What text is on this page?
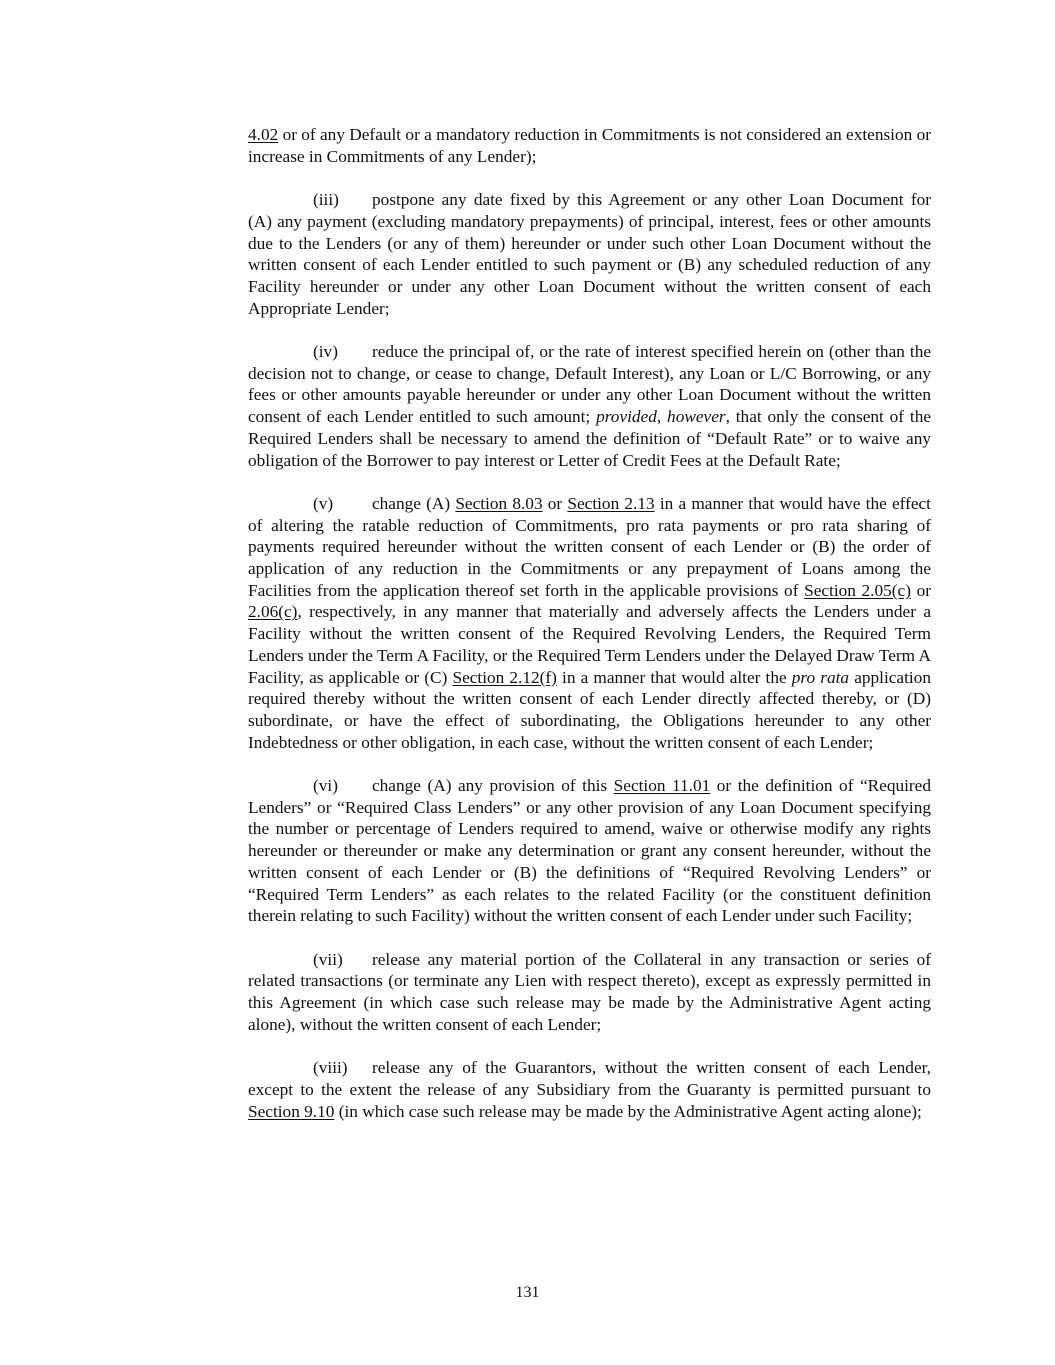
4.02 or of any Default or a mandatory reduction in Commitments is not considered an extension or increase in Commitments of any Lender);

(iii) postpone any date fixed by this Agreement or any other Loan Document for (A) any payment (excluding mandatory prepayments) of principal, interest, fees or other amounts due to the Lenders (or any of them) hereunder or under such other Loan Document without the written consent of each Lender entitled to such payment or (B) any scheduled reduction of any Facility hereunder or under any other Loan Document without the written consent of each Appropriate Lender;

(iv) reduce the principal of, or the rate of interest specified herein on (other than the decision not to change, or cease to change, Default Interest), any Loan or L/C Borrowing, or any fees or other amounts payable hereunder or under any other Loan Document without the written consent of each Lender entitled to such amount; provided, however, that only the consent of the Required Lenders shall be necessary to amend the definition of “Default Rate” or to waive any obligation of the Borrower to pay interest or Letter of Credit Fees at the Default Rate;

(v) change (A) Section 8.03 or Section 2.13 in a manner that would have the effect of altering the ratable reduction of Commitments, pro rata payments or pro rata sharing of payments required hereunder without the written consent of each Lender or (B) the order of application of any reduction in the Commitments or any prepayment of Loans among the Facilities from the application thereof set forth in the applicable provisions of Section 2.05(c) or 2.06(c), respectively, in any manner that materially and adversely affects the Lenders under a Facility without the written consent of the Required Revolving Lenders, the Required Term Lenders under the Term A Facility, or the Required Term Lenders under the Delayed Draw Term A Facility, as applicable or (C) Section 2.12(f) in a manner that would alter the pro rata application required thereby without the written consent of each Lender directly affected thereby, or (D) subordinate, or have the effect of subordinating, the Obligations hereunder to any other Indebtedness or other obligation, in each case, without the written consent of each Lender;

(vi) change (A) any provision of this Section 11.01 or the definition of “Required Lenders” or “Required Class Lenders” or any other provision of any Loan Document specifying the number or percentage of Lenders required to amend, waive or otherwise modify any rights hereunder or thereunder or make any determination or grant any consent hereunder, without the written consent of each Lender or (B) the definitions of “Required Revolving Lenders” or “Required Term Lenders” as each relates to the related Facility (or the constituent definition therein relating to such Facility) without the written consent of each Lender under such Facility;

(vii) release any material portion of the Collateral in any transaction or series of related transactions (or terminate any Lien with respect thereto), except as expressly permitted in this Agreement (in which case such release may be made by the Administrative Agent acting alone), without the written consent of each Lender;

(viii) release any of the Guarantors, without the written consent of each Lender, except to the extent the release of any Subsidiary from the Guaranty is permitted pursuant to Section 9.10 (in which case such release may be made by the Administrative Agent acting alone);

131
